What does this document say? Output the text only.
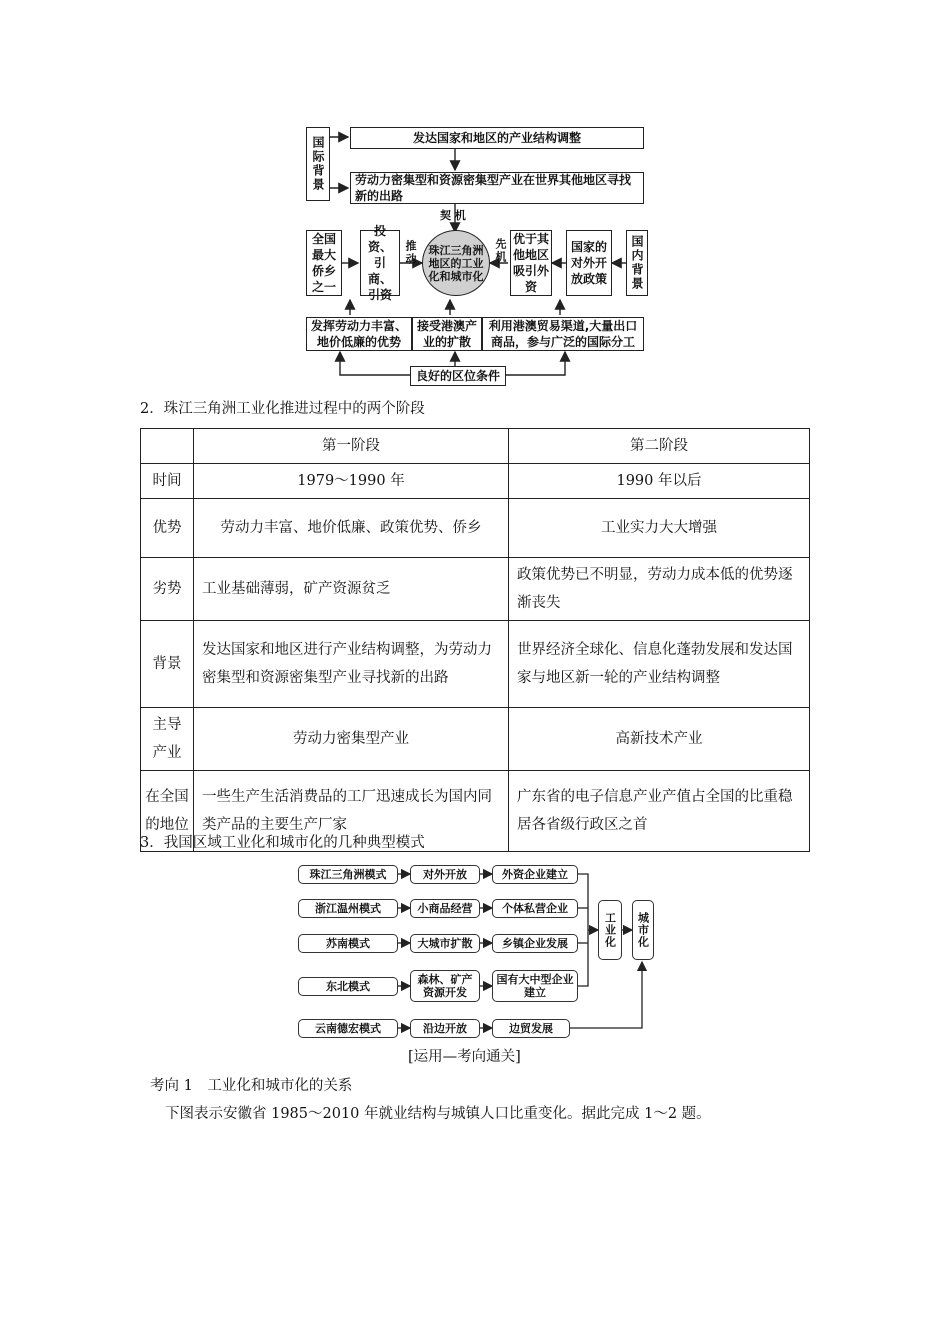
国际背景	发达国家和地区的产业结构调整
劳动力密集型和资源密集型产业在世界其他地区寻找新的出路
契 机
全国最大侨乡之一
投资、引商、引资
推动 珠江三角洲地区的工业化和城市化
先机 优于其他地区吸引外资
国家的对外开放政策 国内背景
发挥劳动力丰富、地价低廉的优势
接受港澳产业的扩散
利用港澳贸易渠道,大量出口商品，参与广泛的国际分工
良好的区位条件
2．珠江三角洲工业化推进过程中的两个阶段
	第一阶段	第二阶段
时间	1979～1990 年	1990 年以后
优势	劳动力丰富、地价低廉、政策优势、侨乡	工业实力大大增强
劣势	工业基础薄弱，矿产资源贫乏	政策优势已不明显，劳动力成本低的优势逐渐丧失
背景	发达国家和地区进行产业结构调整，为劳动力密集型和资源密集型产业寻找新的出路	世界经济全球化、信息化蓬勃发展和发达国家与地区新一轮的产业结构调整
主导产业	劳动力密集型产业	高新技术产业
在全国的地位	一些生产生活消费品的工厂迅速成长为国内同类产品的主要生产厂家	广东省的电子信息产业产值占全国的比重稳居各省级行政区之首
3．我国区域工业化和城市化的几种典型模式
珠江三角洲模式	对外开放	外资企业建立
浙江温州模式	小商品经营	个体私营企业
苏南模式	大城市扩散	乡镇企业发展
东北模式
森林、矿产资源开发
国有大中型企业建立
云南德宏模式	沿边开放	边贸发展
工业化 城市化
[运用—考向通关]
考向 1　工业化和城市化的关系
下图表示安徽省 1985～2010 年就业结构与城镇人口比重变化。据此完成 1～2 题。
